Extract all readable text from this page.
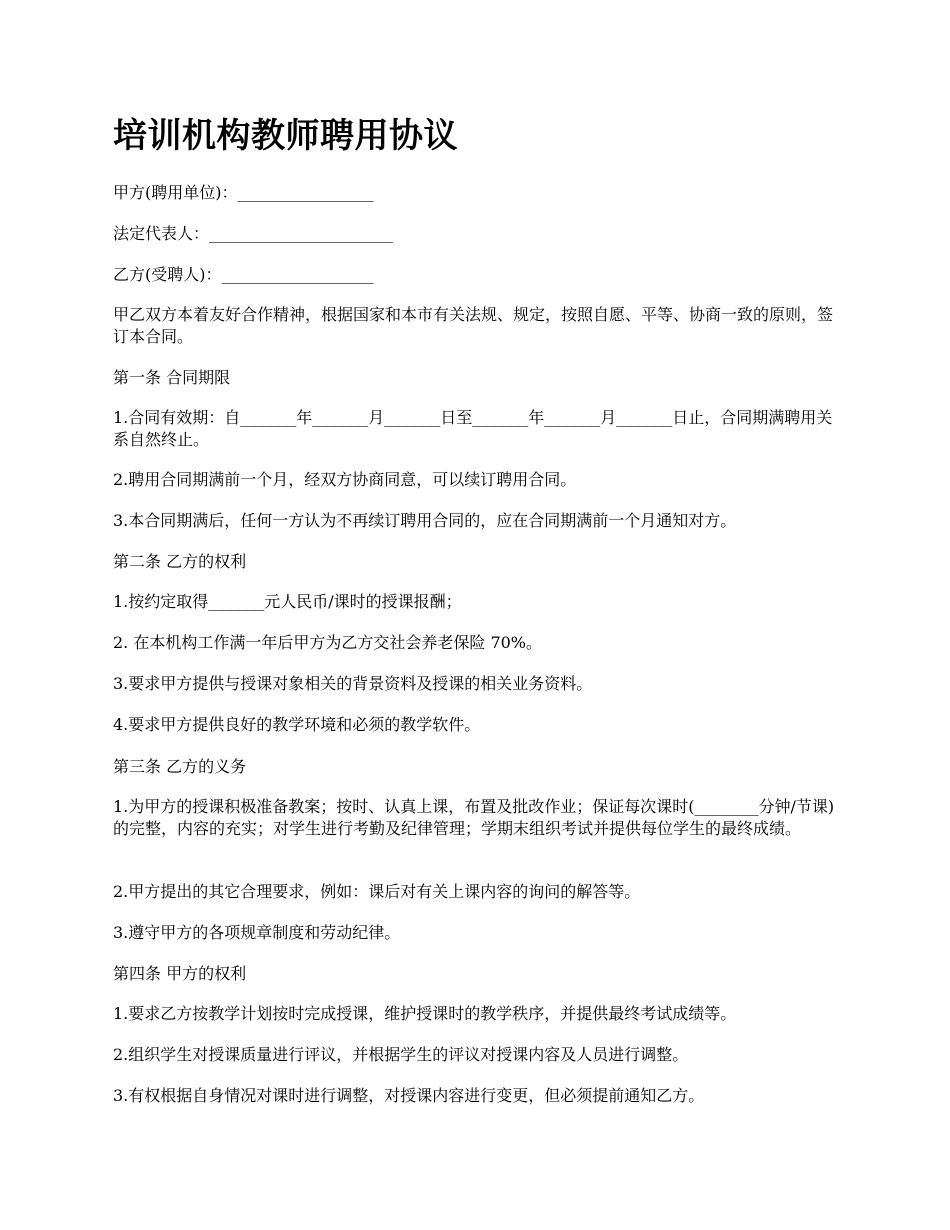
培训机构教师聘用协议

甲方(聘用单位)：_________________

法定代表人：_______________________

乙方(受聘人)：___________________

甲乙双方本着友好合作精神，根据国家和本市有关法规、规定，按照自愿、平等、协商一致的原则，签订本合同。

第一条 合同期限

1.合同有效期：自_______年_______月_______日至_______年_______月_______日止，合同期满聘用关系自然终止。

2.聘用合同期满前一个月，经双方协商同意，可以续订聘用合同。

3.本合同期满后，任何一方认为不再续订聘用合同的，应在合同期满前一个月通知对方。

第二条 乙方的权利

1.按约定取得_______元人民币/课时的授课报酬；

2. 在本机构工作满一年后甲方为乙方交社会养老保险 70%。

3.要求甲方提供与授课对象相关的背景资料及授课的相关业务资料。

4.要求甲方提供良好的教学环境和必须的教学软件。

第三条 乙方的义务

1.为甲方的授课积极准备教案；按时、认真上课，布置及批改作业；保证每次课时(________分钟/节课)的完整，内容的充实；对学生进行考勤及纪律管理；学期末组织考试并提供每位学生的最终成绩。

2.甲方提出的其它合理要求，例如：课后对有关上课内容的询问的解答等。

3.遵守甲方的各项规章制度和劳动纪律。

第四条 甲方的权利

1.要求乙方按教学计划按时完成授课，维护授课时的教学秩序，并提供最终考试成绩等。

2.组织学生对授课质量进行评议，并根据学生的评议对授课内容及人员进行调整。

3.有权根据自身情况对课时进行调整，对授课内容进行变更，但必须提前通知乙方。
